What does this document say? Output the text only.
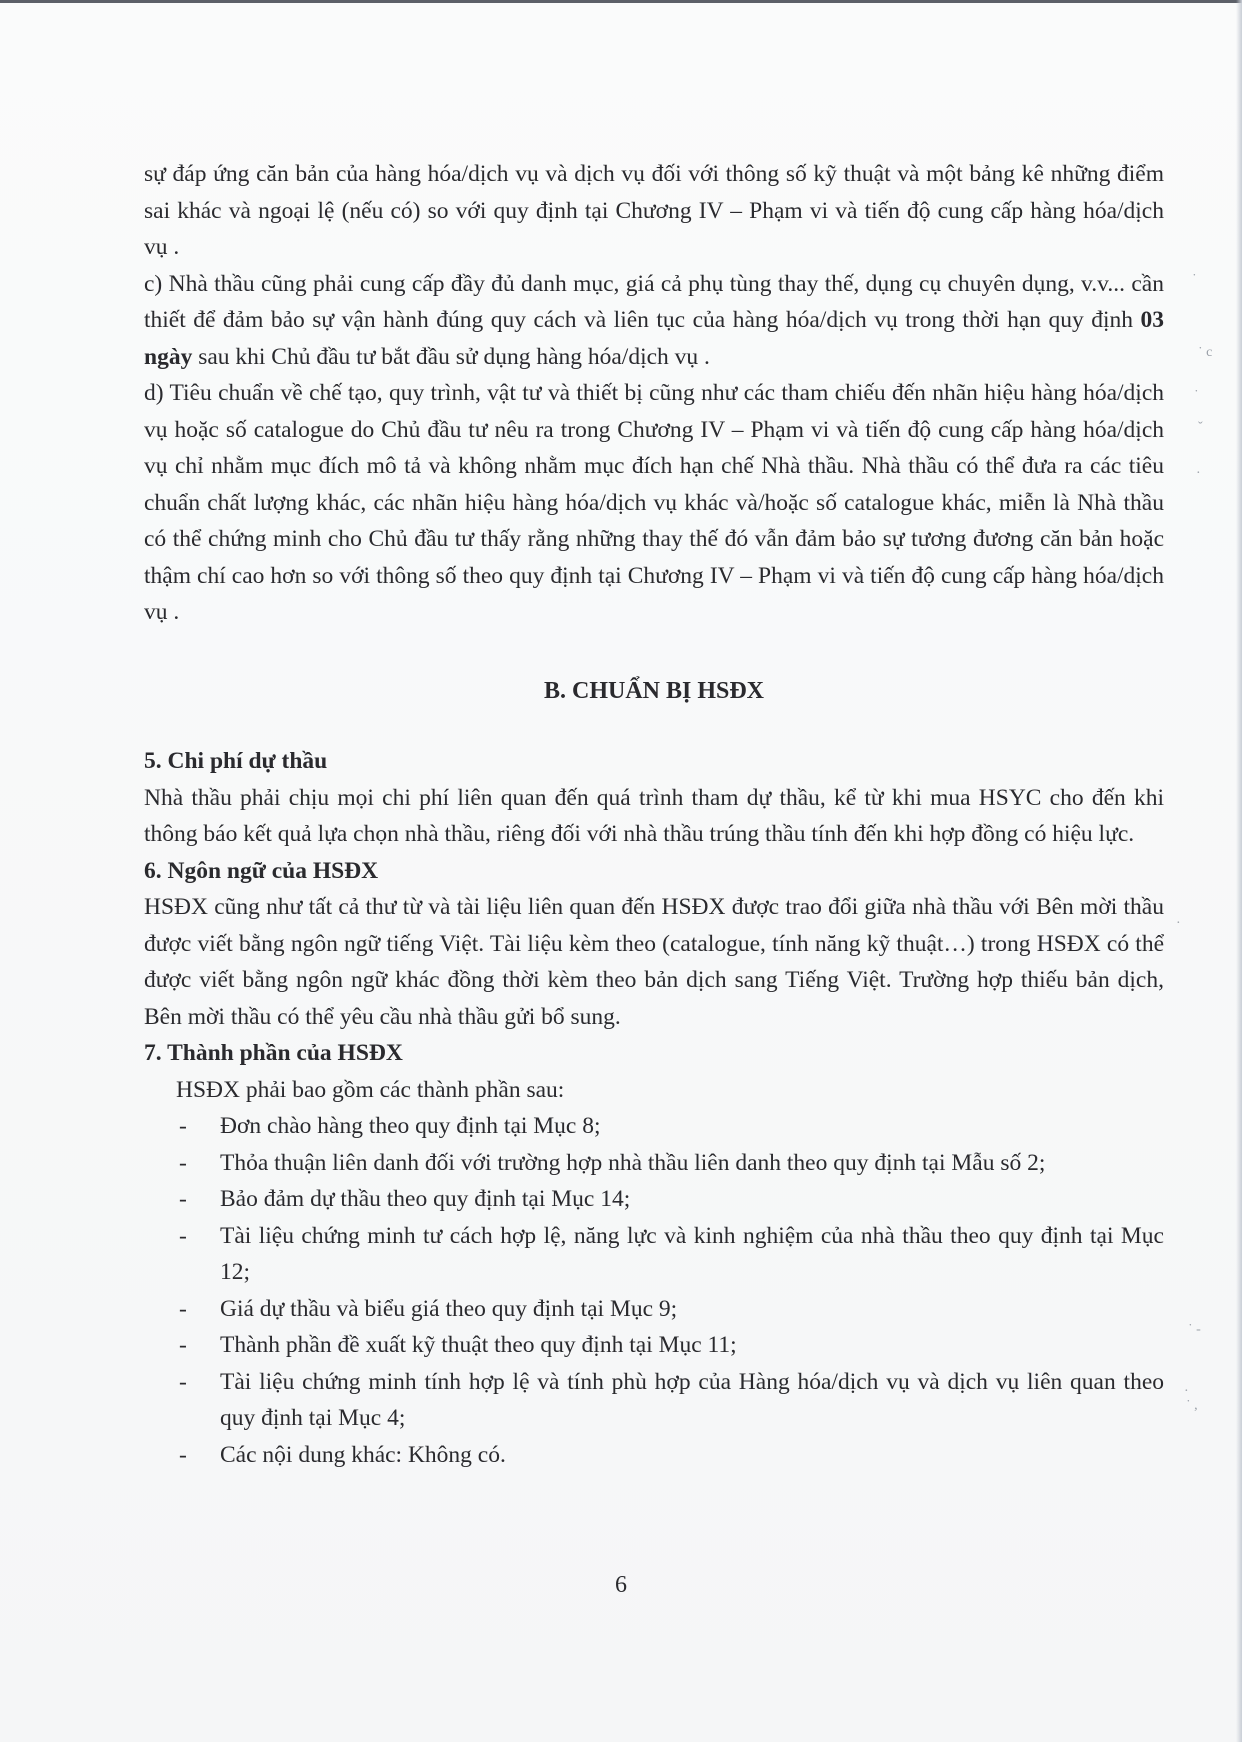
˙
˙ c
˙
ˇ
·
·
˙ -
·
˙ ,

sự đáp ứng căn bản của hàng hóa/dịch vụ và dịch vụ đối với thông số kỹ thuật và một bảng kê những điểm sai khác và ngoại lệ (nếu có) so với quy định tại Chương IV – Phạm vi và tiến độ cung cấp hàng hóa/dịch vụ .

c) Nhà thầu cũng phải cung cấp đầy đủ danh mục, giá cả phụ tùng thay thế, dụng cụ chuyên dụng, v.v... cần thiết để đảm bảo sự vận hành đúng quy cách và liên tục của hàng hóa/dịch vụ trong thời hạn quy định 03 ngày sau khi Chủ đầu tư bắt đầu sử dụng hàng hóa/dịch vụ .

d) Tiêu chuẩn về chế tạo, quy trình, vật tư và thiết bị cũng như các tham chiếu đến nhãn hiệu hàng hóa/dịch vụ hoặc số catalogue do Chủ đầu tư nêu ra trong Chương IV – Phạm vi và tiến độ cung cấp hàng hóa/dịch vụ chỉ nhằm mục đích mô tả và không nhằm mục đích hạn chế Nhà thầu. Nhà thầu có thể đưa ra các tiêu chuẩn chất lượng khác, các nhãn hiệu hàng hóa/dịch vụ khác và/hoặc số catalogue khác, miễn là Nhà thầu có thể chứng minh cho Chủ đầu tư thấy rằng những thay thế đó vẫn đảm bảo sự tương đương căn bản hoặc thậm chí cao hơn so với thông số theo quy định tại Chương IV – Phạm vi và tiến độ cung cấp hàng hóa/dịch vụ .

B. CHUẨN BỊ HSĐX

5. Chi phí dự thầu

Nhà thầu phải chịu mọi chi phí liên quan đến quá trình tham dự thầu, kể từ khi mua HSYC cho đến khi thông báo kết quả lựa chọn nhà thầu, riêng đối với nhà thầu trúng thầu tính đến khi hợp đồng có hiệu lực.

6. Ngôn ngữ của HSĐX

HSĐX cũng như tất cả thư từ và tài liệu liên quan đến HSĐX được trao đổi giữa nhà thầu với Bên mời thầu được viết bằng ngôn ngữ tiếng Việt. Tài liệu kèm theo (catalogue, tính năng kỹ thuật…) trong HSĐX có thể được viết bằng ngôn ngữ khác đồng thời kèm theo bản dịch sang Tiếng Việt. Trường hợp thiếu bản dịch, Bên mời thầu có thể yêu cầu nhà thầu gửi bổ sung.

7. Thành phần của HSĐX

HSĐX phải bao gồm các thành phần sau:

- Đơn chào hàng theo quy định tại Mục 8;
- Thỏa thuận liên danh đối với trường hợp nhà thầu liên danh theo quy định tại Mẫu số 2;
- Bảo đảm dự thầu theo quy định tại Mục 14;
- Tài liệu chứng minh tư cách hợp lệ, năng lực và kinh nghiệm của nhà thầu theo quy định tại Mục 12;
- Giá dự thầu và biểu giá theo quy định tại Mục 9;
- Thành phần đề xuất kỹ thuật theo quy định tại Mục 11;
- Tài liệu chứng minh tính hợp lệ và tính phù hợp của Hàng hóa/dịch vụ và dịch vụ liên quan theo quy định tại Mục 4;
- Các nội dung khác: Không có.
6
